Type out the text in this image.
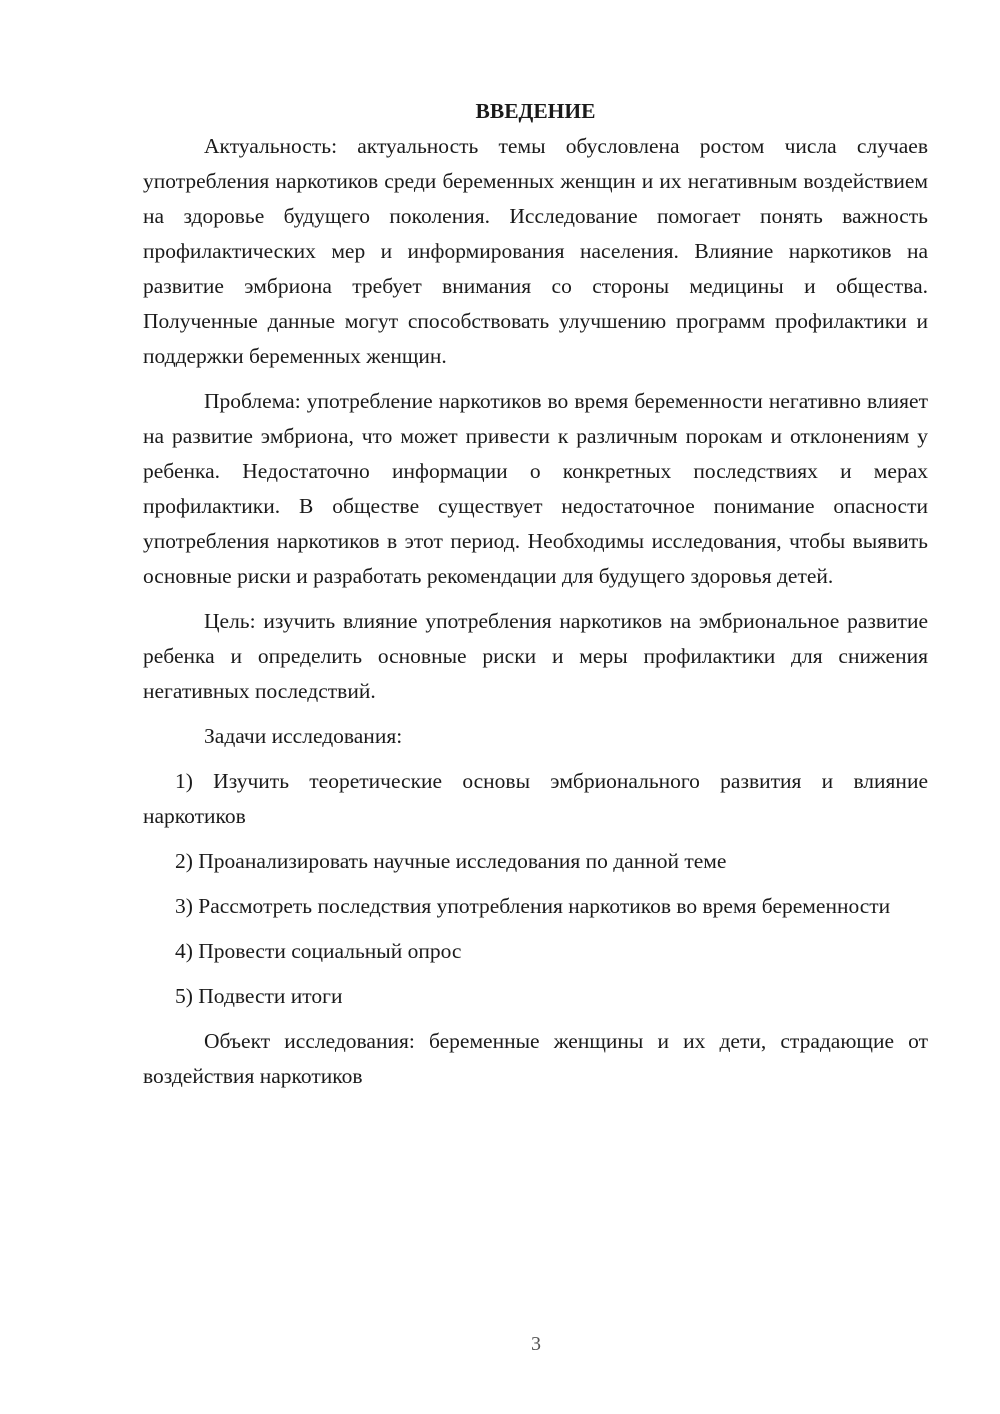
ВВЕДЕНИЕ

Актуальность: актуальность темы обусловлена ростом числа случаев употребления наркотиков среди беременных женщин и их негативным воздействием на здоровье будущего поколения. Исследование помогает понять важность профилактических мер и информирования населения. Влияние наркотиков на развитие эмбриона требует внимания со стороны медицины и общества. Полученные данные могут способствовать улучшению программ профилактики и поддержки беременных женщин.

Проблема: употребление наркотиков во время беременности негативно влияет на развитие эмбриона, что может привести к различным порокам и отклонениям у ребенка. Недостаточно информации о конкретных последствиях и мерах профилактики. В обществе существует недостаточное понимание опасности употребления наркотиков в этот период. Необходимы исследования, чтобы выявить основные риски и разработать рекомендации для будущего здоровья детей.

Цель: изучить влияние употребления наркотиков на эмбриональное развитие ребенка и определить основные риски и меры профилактики для снижения негативных последствий.

Задачи исследования:

1) Изучить теоретические основы эмбрионального развития и влияние наркотиков

2) Проанализировать научные исследования по данной теме

3) Рассмотреть последствия употребления наркотиков во время беременности

4) Провести социальный опрос

5) Подвести итоги

Объект исследования: беременные женщины и их дети, страдающие от воздействия наркотиков

3
